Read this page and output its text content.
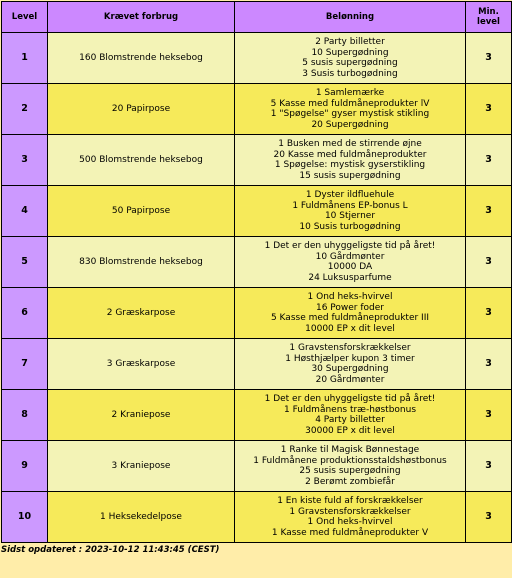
Level	Krævet forbrug	Belønning	Min. level
1	160 Blomstrende heksebog	2 Party billetter
10 Supergødning
5 susis supergødning
3 Susis turbogødning	3
2	20 Papirpose	1 Samlemærke
5 Kasse med fuldmåneprodukter lV
1 "Spøgelse" gyser mystisk stikling
20 Supergødning	3
3	500 Blomstrende heksebog	1 Busken med de stirrende øjne
20 Kasse med fuldmåneprodukter
1 Spøgelse: mystisk gyserstikling
15 susis supergødning	3
4	50 Papirpose	1 Dyster ildfluehule
1 Fuldmånens EP-bonus L
10 Stjerner
10 Susis turbogødning	3
5	830 Blomstrende heksebog	1 Det er den uhyggeligste tid på året!
10 Gårdmønter
10000 DA
24 Luksusparfume	3
6	2 Græskarpose	1 Ond heks-hvirvel
16 Power foder
5 Kasse med fuldmåneprodukter III
10000 EP x dit level	3
7	3 Græskarpose	1 Gravstensforskrækkelser
1 Høsthjælper kupon 3 timer
30 Supergødning
20 Gårdmønter	3
8	2 Kraniepose	1 Det er den uhyggeligste tid på året!
1 Fuldmånens træ-høstbonus
4 Party billetter
30000 EP x dit level	3
9	3 Kraniepose	1 Ranke til Magisk Bønnestage
1 Fuldmånene produktionsstaldshøstbonus
25 susis supergødning
2 Berømt zombiefår	3
10	1 Heksekedelpose	1 En kiste fuld af forskrækkelser
1 Gravstensforskrækkelser
1 Ond heks-hvirvel
1 Kasse med fuldmåneprodukter V	3
Sidst opdateret : 2023-10-12 11:43:45 (CEST)
